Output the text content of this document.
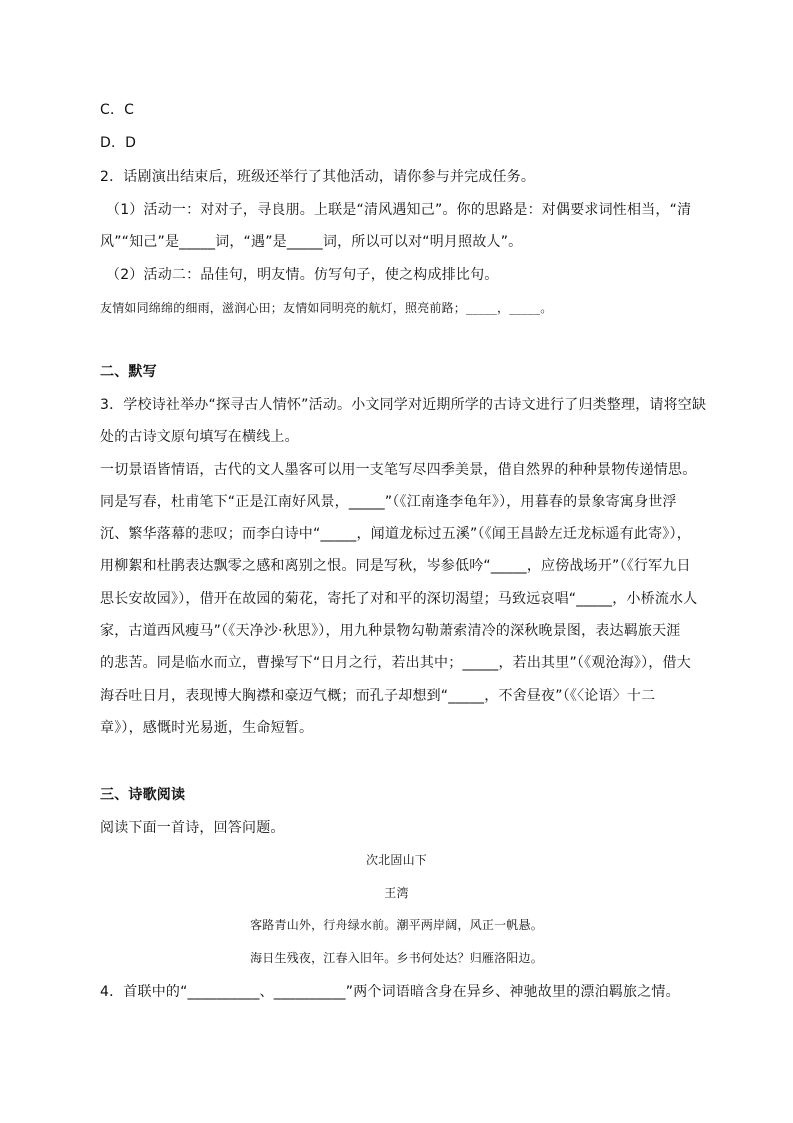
C．C
D．D
2．话剧演出结束后，班级还举行了其他活动，请你参与并完成任务。
（1）活动一：对对子，寻良朋。上联是“清风遇知己”。你的思路是：对偶要求词性相当，“清
风”“知己”是_____词，“遇”是_____词，所以可以对“明月照故人”。
（2）活动二：品佳句，明友情。仿写句子，使之构成排比句。
友情如同绵绵的细雨，滋润心田；友情如同明亮的航灯，照亮前路；_____，_____。
二、默写
3．学校诗社举办“探寻古人情怀”活动。小文同学对近期所学的古诗文进行了归类整理，请将空缺
处的古诗文原句填写在横线上。
一切景语皆情语，古代的文人墨客可以用一支笔写尽四季美景，借自然界的种种景物传递情思。
同是写春，杜甫笔下“正是江南好风景，_____”（《江南逢李龟年》），用暮春的景象寄寓身世浮
沉、繁华落幕的悲叹；而李白诗中“_____，闻道龙标过五溪”（《闻王昌龄左迁龙标遥有此寄》），
用柳絮和杜鹃表达飘零之感和离别之恨。同是写秋，岑参低吟“_____，应傍战场开”（《行军九日
思长安故园》），借开在故园的菊花，寄托了对和平的深切渴望；马致远哀唱“_____，小桥流水人
家，古道西风瘦马”（《天净沙·秋思》），用九种景物勾勒萧索清冷的深秋晚景图，表达羁旅天涯
的悲苦。同是临水而立，曹操写下“日月之行，若出其中；_____，若出其里”（《观沧海》），借大
海吞吐日月，表现博大胸襟和豪迈气概；而孔子却想到“_____，不舍昼夜”（《〈论语〉十二
章》），感慨时光易逝，生命短暂。
三、诗歌阅读
阅读下面一首诗，回答问题。
次北固山下
王湾
客路青山外，行舟绿水前。潮平两岸阔，风正一帆悬。
海日生残夜，江春入旧年。乡书何处达？归雁洛阳边。
4．首联中的“__________、__________”两个词语暗含身在异乡、神驰故里的漂泊羁旅之情。
